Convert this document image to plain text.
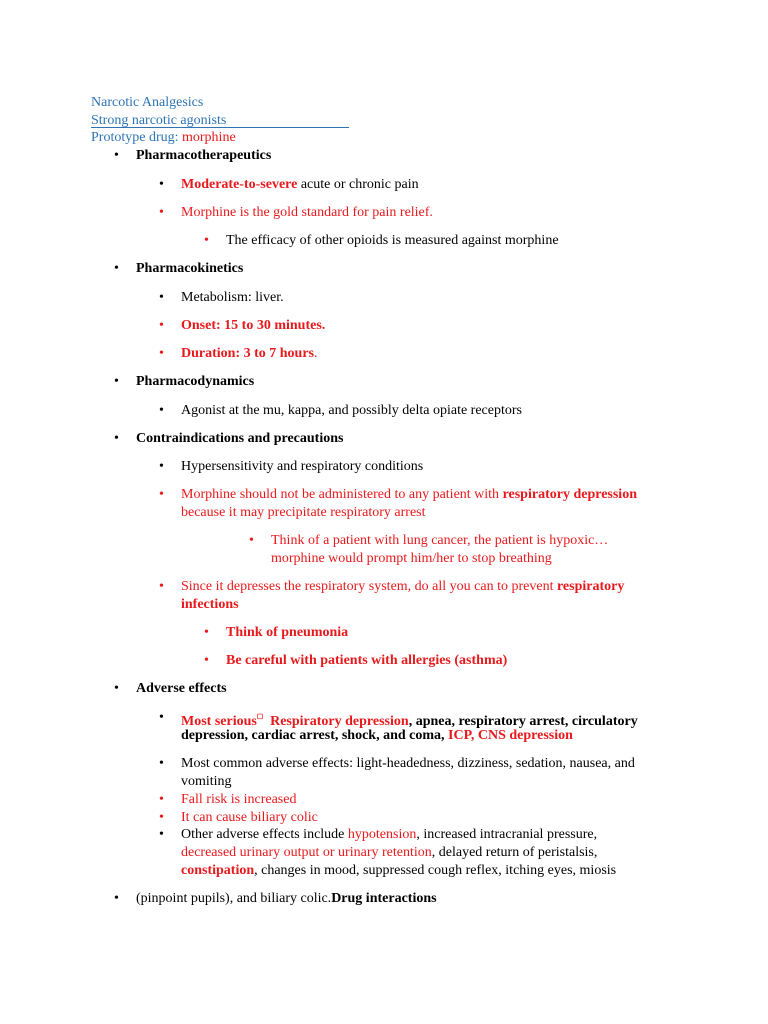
Narcotic Analgesics
Strong narcotic agonists
Prototype drug: morphine
• Pharmacotherapeutics
• Moderate-to-severe acute or chronic pain
• Morphine is the gold standard for pain relief.
• The efficacy of other opioids is measured against morphine
• Pharmacokinetics
• Metabolism: liver.
• Onset: 15 to 30 minutes.
• Duration: 3 to 7 hours.
• Pharmacodynamics
• Agonist at the mu, kappa, and possibly delta opiate receptors
• Contraindications and precautions
• Hypersensitivity and respiratory conditions
• Morphine should not be administered to any patient with respiratory depression
because it may precipitate respiratory arrest
• Think of a patient with lung cancer, the patient is hypoxic…
morphine would prompt him/her to stop breathing
• Since it depresses the respiratory system, do all you can to prevent respiratory
infections
• Think of pneumonia
• Be careful with patients with allergies (asthma)
• Adverse effects
• Most serious☐ Respiratory depression, apnea, respiratory arrest, circulatory
depression, cardiac arrest, shock, and coma, ICP, CNS depression
• Most common adverse effects: light-headedness, dizziness, sedation, nausea, and
vomiting
• Fall risk is increased
• It can cause biliary colic
• Other adverse effects include hypotension, increased intracranial pressure,
decreased urinary output or urinary retention, delayed return of peristalsis,
constipation, changes in mood, suppressed cough reflex, itching eyes, miosis
• (pinpoint pupils), and biliary colic.Drug interactions
